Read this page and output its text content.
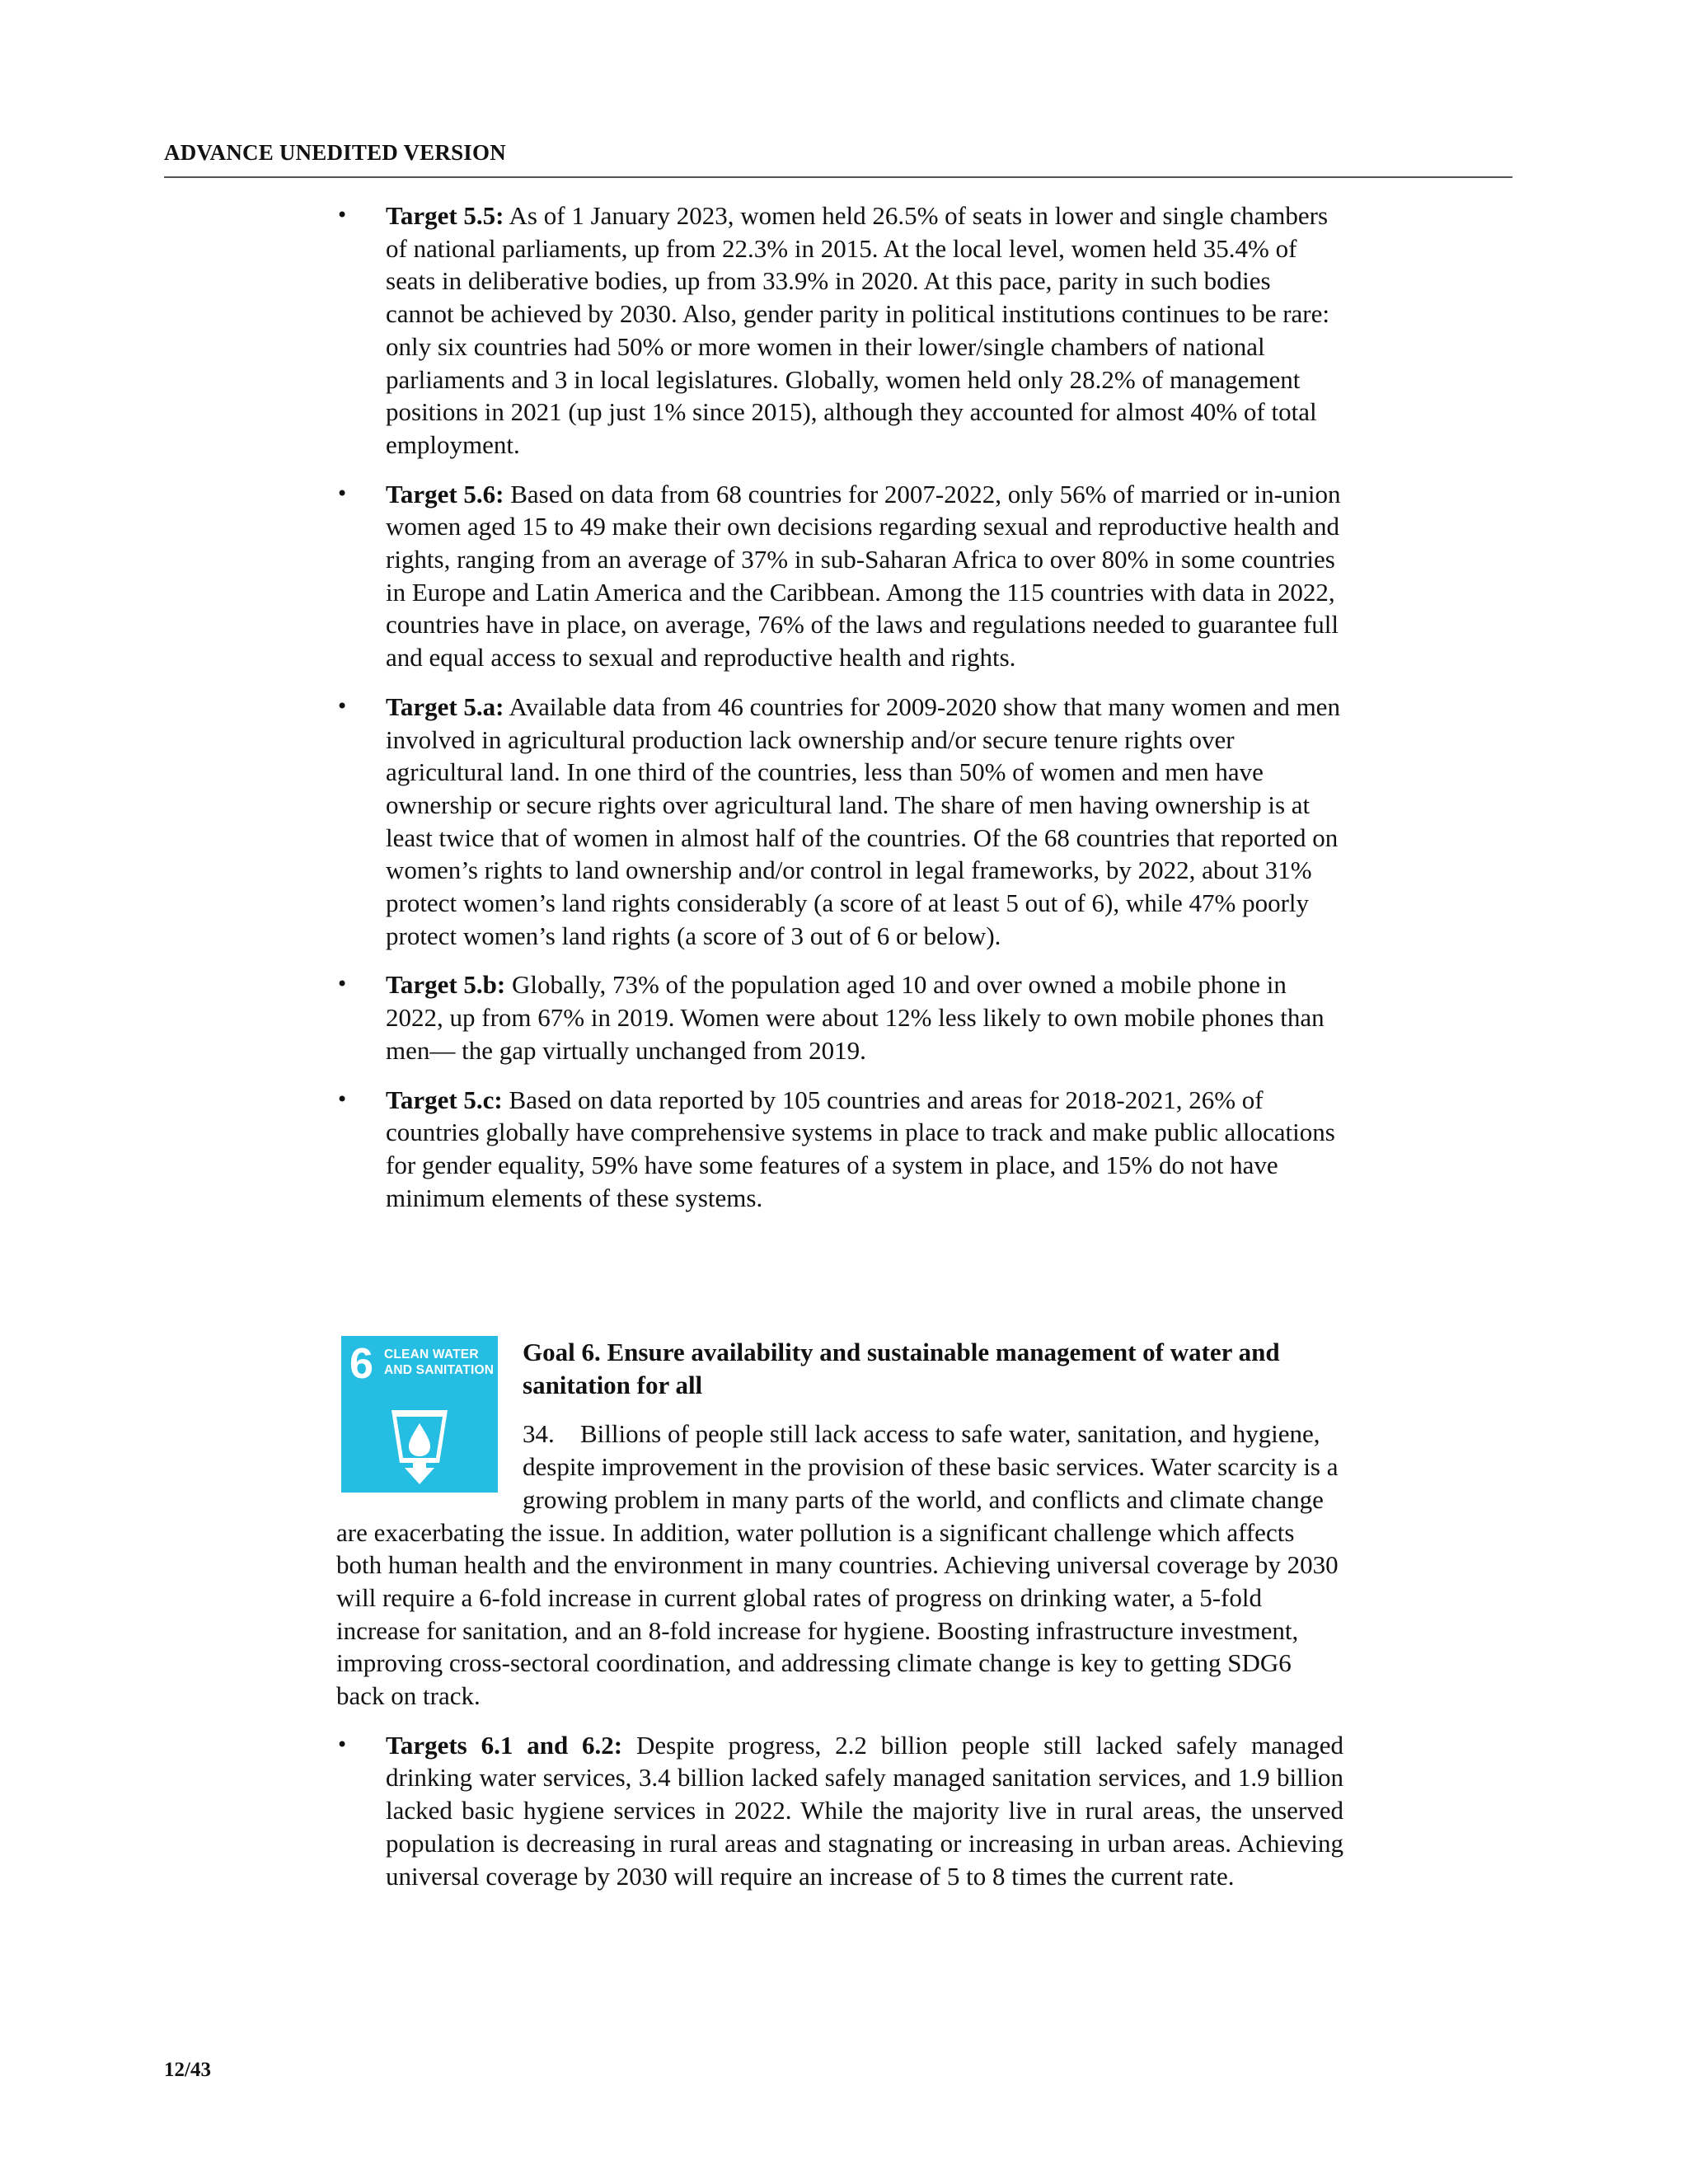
ADVANCE UNEDITED VERSION
•	Target 5.5: As of 1 January 2023, women held 26.5% of seats in lower and single chambers of national parliaments, up from 22.3% in 2015. At the local level, women held 35.4% of seats in deliberative bodies, up from 33.9% in 2020. At this pace, parity in such bodies cannot be achieved by 2030. Also, gender parity in political institutions continues to be rare: only six countries had 50% or more women in their lower/single chambers of national parliaments and 3 in local legislatures. Globally, women held only 28.2% of management positions in 2021 (up just 1% since 2015), although they accounted for almost 40% of total employment.
•	Target 5.6: Based on data from 68 countries for 2007-2022, only 56% of married or in-union women aged 15 to 49 make their own decisions regarding sexual and reproductive health and rights, ranging from an average of 37% in sub-Saharan Africa to over 80% in some countries in Europe and Latin America and the Caribbean. Among the 115 countries with data in 2022, countries have in place, on average, 76% of the laws and regulations needed to guarantee full and equal access to sexual and reproductive health and rights.
•	Target 5.a: Available data from 46 countries for 2009-2020 show that many women and men involved in agricultural production lack ownership and/or secure tenure rights over agricultural land. In one third of the countries, less than 50% of women and men have ownership or secure rights over agricultural land. The share of men having ownership is at least twice that of women in almost half of the countries. Of the 68 countries that reported on women’s rights to land ownership and/or control in legal frameworks, by 2022, about 31% protect women’s land rights considerably (a score of at least 5 out of 6), while 47% poorly protect women’s land rights (a score of 3 out of 6 or below).
•	Target 5.b: Globally, 73% of the population aged 10 and over owned a mobile phone in 2022, up from 67% in 2019. Women were about 12% less likely to own mobile phones than men— the gap virtually unchanged from 2019.
•	Target 5.c: Based on data reported by 105 countries and areas for 2018-2021, 26% of countries globally have comprehensive systems in place to track and make public allocations for gender equality, 59% have some features of a system in place, and 15% do not have minimum elements of these systems.
6 CLEAN WATER
AND SANITATION
Goal 6. Ensure availability and sustainable management of water and sanitation for all

34. Billions of people still lack access to safe water, sanitation, and hygiene, despite improvement in the provision of these basic services. Water scarcity is a growing problem in many parts of the world, and conflicts and climate change are exacerbating the issue. In addition, water pollution is a significant challenge which affects both human health and the environment in many countries. Achieving universal coverage by 2030 will require a 6-fold increase in current global rates of progress on drinking water, a 5-fold increase for sanitation, and an 8-fold increase for hygiene. Boosting infrastructure investment, improving cross-sectoral coordination, and addressing climate change is key to getting SDG6 back on track.

•	Targets 6.1 and 6.2: Despite progress, 2.2 billion people still lacked safely managed drinking water services, 3.4 billion lacked safely managed sanitation services, and 1.9 billion lacked basic hygiene services in 2022. While the majority live in rural areas, the unserved population is decreasing in rural areas and stagnating or increasing in urban areas. Achieving universal coverage by 2030 will require an increase of 5 to 8 times the current rate.
12/43
